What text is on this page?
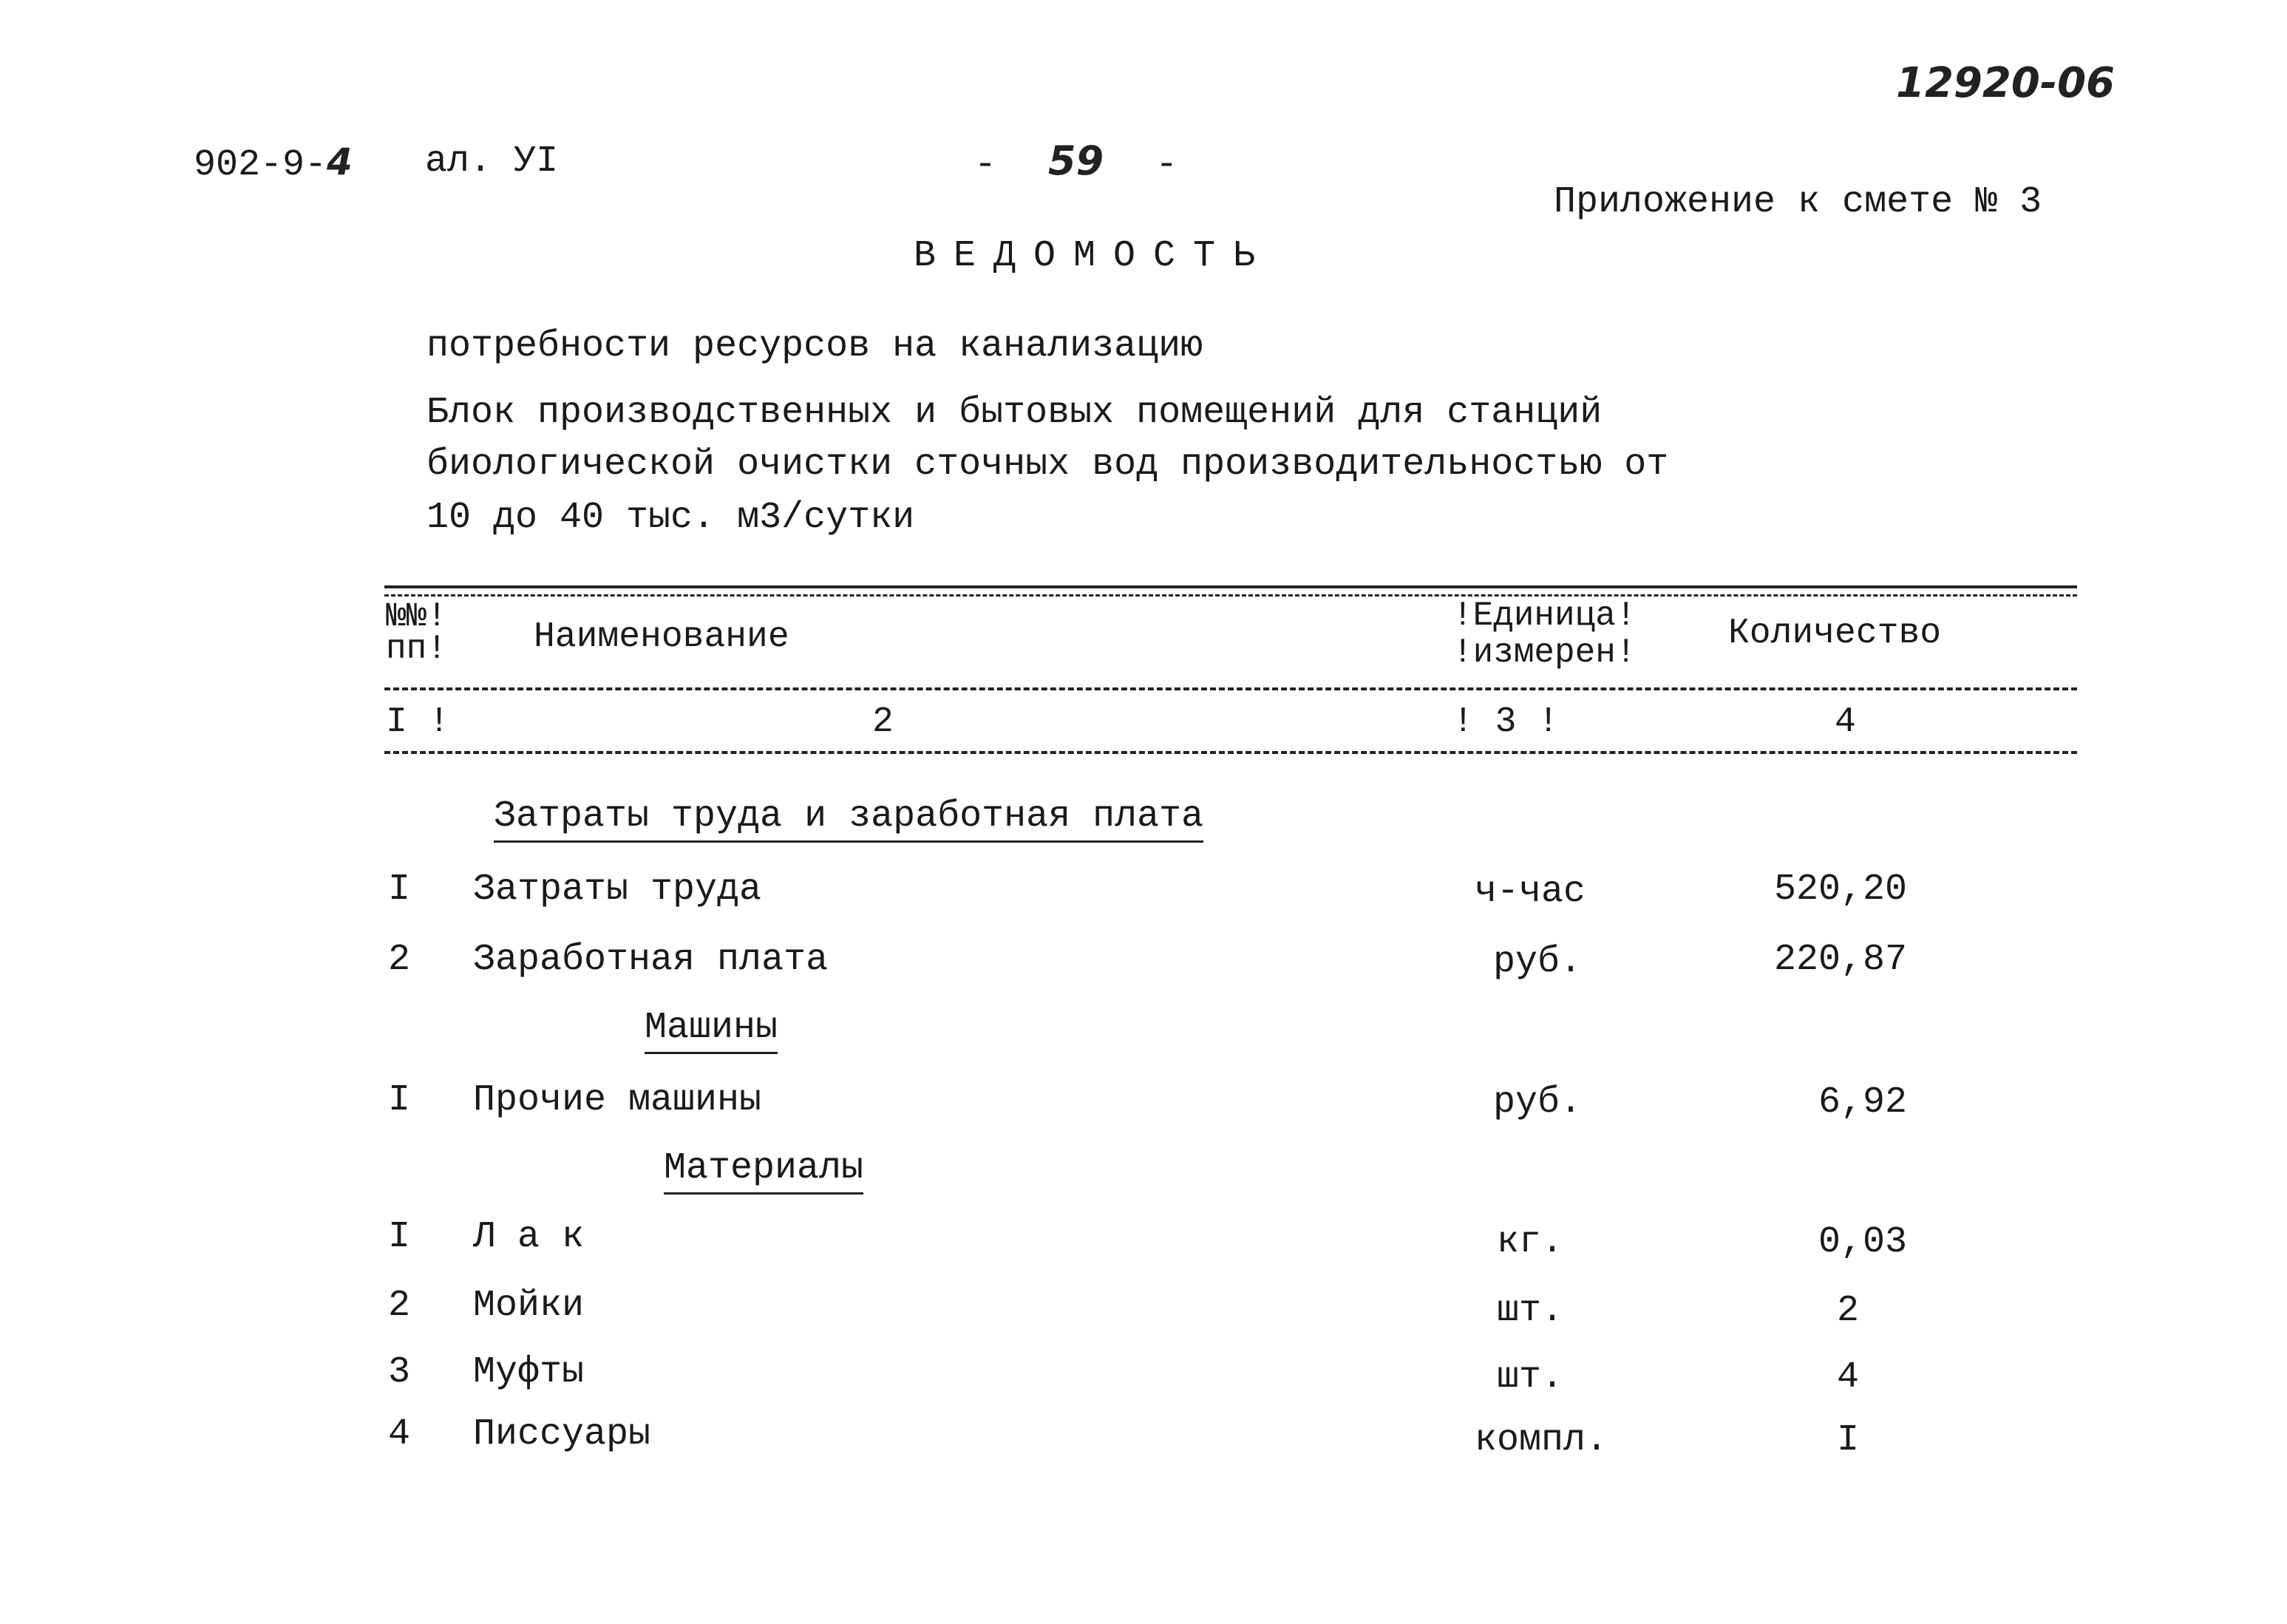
12920-06
902-9-4 ал. УI	- 59 -
Приложение к смете № 3
ВЕДОМОСТЬ
потребности ресурсов на канализацию
Блок производственных и бытовых помещений для станций
биологической очистки сточных вод производительностью от
10 до 40 тыс. м3/сутки
№№!
пп! Наименование
!Единица!
!измерен!	Количество
I !	2	! 3 !	4
Затраты труда и заработная плата
I Затраты труда	ч-час	520,20
2 Заработная плата	руб.	220,87
Машины
I Прочие машины	руб.	6,92
Материалы
I Л а к	кг.	0,03
2 Мойки	шт.	2
3 Муфты	шт.	4
4 Писсуары	компл.	I
